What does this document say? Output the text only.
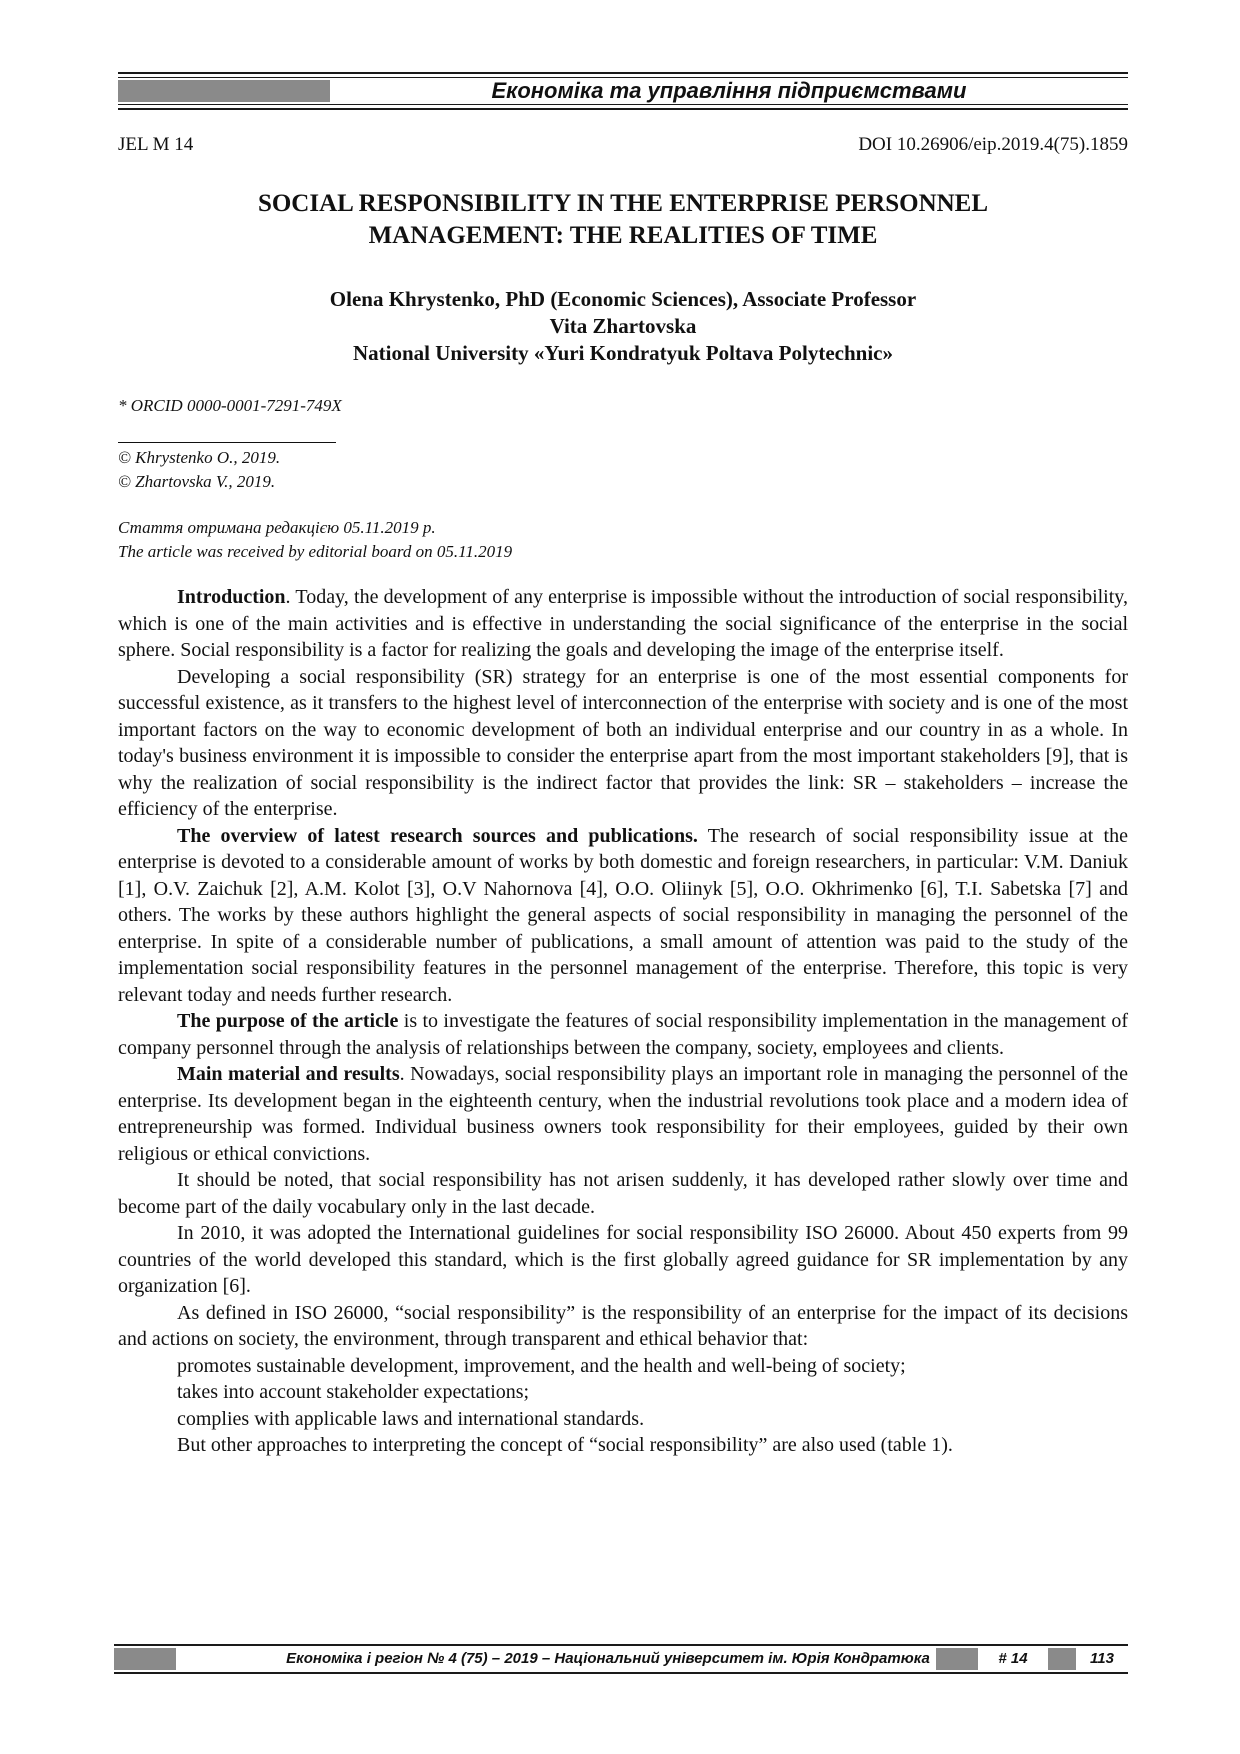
Економіка та управління підприємствами
JEL M 14	DOI 10.26906/eip.2019.4(75).1859
SOCIAL RESPONSIBILITY IN THE ENTERPRISE PERSONNEL
MANAGEMENT: THE REALITIES OF TIME
Olena Khrystenko, PhD (Economic Sciences), Associate Professor
Vita Zhartovska
National University «Yuri Kondratyuk Poltava Polytechnic»
* ORCID 0000-0001-7291-749X
© Khrystenko O., 2019.
© Zhartovska V., 2019.
Стаття отримана редакцією 05.11.2019 р.
The article was received by editorial board on 05.11.2019

Introduction. Today, the development of any enterprise is impossible without the introduction of social responsibility, which is one of the main activities and is effective in understanding the social significance of the enterprise in the social sphere. Social responsibility is a factor for realizing the goals and developing the image of the enterprise itself.

Developing a social responsibility (SR) strategy for an enterprise is one of the most essential components for successful existence, as it transfers to the highest level of interconnection of the enterprise with society and is one of the most important factors on the way to economic development of both an individual enterprise and our country in as a whole. In today's business environment it is impossible to consider the enterprise apart from the most important stakeholders [9], that is why the realization of social responsibility is the indirect factor that provides the link: SR – stakeholders – increase the efficiency of the enterprise.

The overview of latest research sources and publications. The research of social responsibility issue at the enterprise is devoted to a considerable amount of works by both domestic and foreign researchers, in particular: V.M. Daniuk [1], O.V. Zaichuk [2], A.M. Kolot [3], O.V Nahornova [4], O.O. Oliinyk [5], O.O. Okhrimenko [6], T.I. Sabetska [7] and others. The works by these authors highlight the general aspects of social responsibility in managing the personnel of the enterprise. In spite of a considerable number of publications, a small amount of attention was paid to the study of the implementation social responsibility features in the personnel management of the enterprise. Therefore, this topic is very relevant today and needs further research.

The purpose of the article is to investigate the features of social responsibility implementation in the management of company personnel through the analysis of relationships between the company, society, employees and clients.

Main material and results. Nowadays, social responsibility plays an important role in managing the personnel of the enterprise. Its development began in the eighteenth century, when the industrial revolutions took place and a modern idea of entrepreneurship was formed. Individual business owners took responsibility for their employees, guided by their own religious or ethical convictions.

It should be noted, that social responsibility has not arisen suddenly, it has developed rather slowly over time and become part of the daily vocabulary only in the last decade.

In 2010, it was adopted the International guidelines for social responsibility ISO 26000. About 450 experts from 99 countries of the world developed this standard, which is the first globally agreed guidance for SR implementation by any organization [6].

As defined in ISO 26000, “social responsibility” is the responsibility of an enterprise for the impact of its decisions and actions on society, the environment, through transparent and ethical behavior that:

promotes sustainable development, improvement, and the health and well-being of society;

takes into account stakeholder expectations;

complies with applicable laws and international standards.

But other approaches to interpreting the concept of “social responsibility” are also used (table 1).

Економіка і регіон № 4 (75) – 2019 – Національний університет ім. Юрія Кондратюка	# 14	113
